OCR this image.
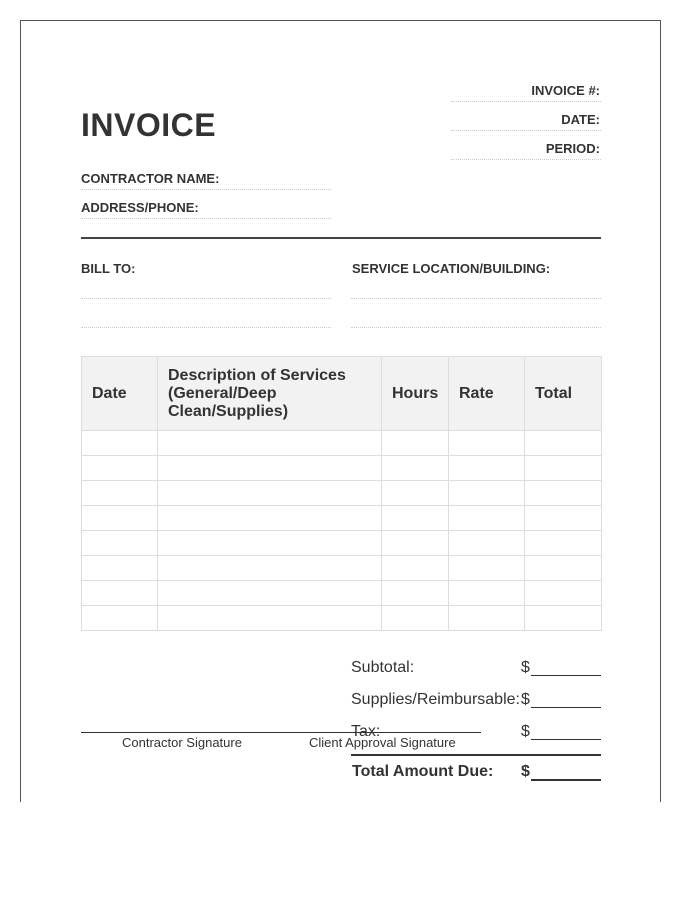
INVOICE
INVOICE #:
DATE:
PERIOD:
CONTRACTOR NAME:
ADDRESS/PHONE:
BILL TO:	SERVICE LOCATION/BUILDING:
Date	Description of Services (General/Deep Clean/Supplies)	Hours	Rate	Total

Subtotal:	$
Supplies/Reimbursable: $
Tax:	$
Total Amount Due: $
Contractor Signature	Client Approval Signature
